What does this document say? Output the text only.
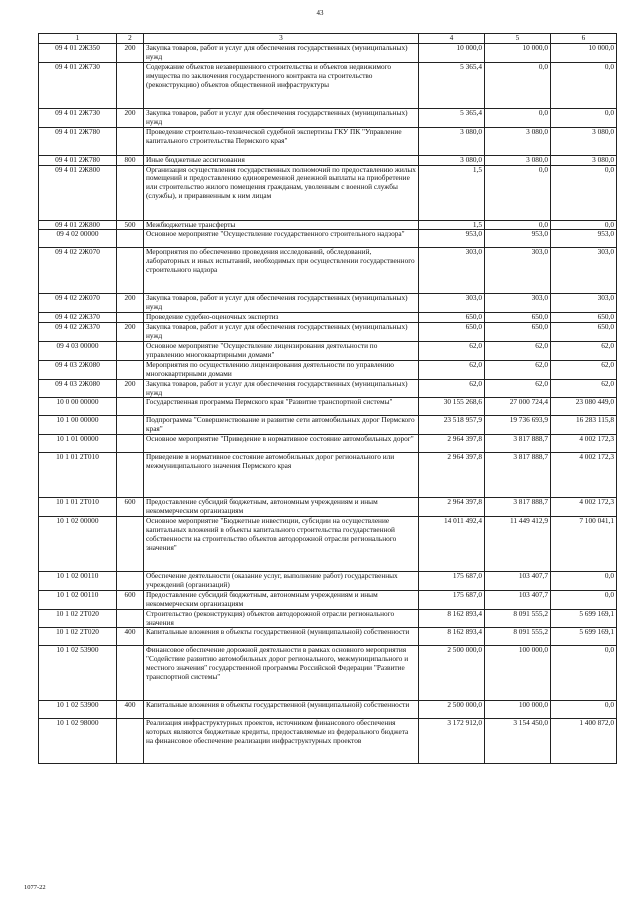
43
1	2	3	4	5	6
09 4 01 2Ж350	200	Закупка товаров, работ и услуг для обеспечения государственных (муниципальных) нужд	10 000,0	10 000,0	10 000,0
09 4 01 2Ж730		Содержание объектов незавершенного строительства и объектов недвижимого имущества по заключения государственного контракта на строительство (реконструкцию) объектов общественной инфраструктуры	5 365,4	0,0	0,0
09 4 01 2Ж730	200	Закупка товаров, работ и услуг для обеспечения государственных (муниципальных) нужд	5 365,4	0,0	0,0
09 4 01 2Ж780		Проведение строительно-технической судебной экспертизы ГКУ ПК "Управление капитального строительства Пермского края"	3 080,0	3 080,0	3 080,0
09 4 01 2Ж780	800	Иные бюджетные ассигнования	3 080,0	3 080,0	3 080,0
09 4 01 2Ж800		Организация осуществления государственных полномочий по предоставлению жилых помещений и предоставлению единовременной денежной выплаты на приобретение или строительство жилого помещения гражданам, уволенным с военной службы (службы), и приравненным к ним лицам	1,5	0,0	0,0
09 4 01 2Ж800	500	Межбюджетные трансферты	1,5	0,0	0,0
09 4 02 00000		Основное мероприятие "Осуществление государственного строительного надзора"	953,0	953,0	953,0
09 4 02 2Ж070		Мероприятия по обеспечению проведения исследований, обследований, лабораторных и иных испытаний, необходимых при осуществлении государственного строительного надзора	303,0	303,0	303,0
09 4 02 2Ж070	200	Закупка товаров, работ и услуг для обеспечения государственных (муниципальных) нужд	303,0	303,0	303,0
09 4 02 2Ж370		Проведение судебно-оценочных экспертиз	650,0	650,0	650,0
09 4 02 2Ж370	200	Закупка товаров, работ и услуг для обеспечения государственных (муниципальных) нужд	650,0	650,0	650,0
09 4 03 00000		Основное мероприятие "Осуществление лицензирования деятельности по управлению многоквартирными домами"	62,0	62,0	62,0
09 4 03 2Ж080		Мероприятия по осуществлению лицензирования деятельности по управлению многоквартирными домами	62,0	62,0	62,0
09 4 03 2Ж080	200	Закупка товаров, работ и услуг для обеспечения государственных (муниципальных) нужд	62,0	62,0	62,0
10 0 00 00000		Государственная программа Пермского края "Развитие транспортной системы"	30 155 268,6	27 000 724,4	23 080 449,0
10 1 00 00000		Подпрограмма "Совершенствование и развитие сети автомобильных дорог Пермского края"	23 518 957,9	19 736 693,9	16 283 115,8
10 1 01 00000		Основное мероприятие "Приведение в нормативное состояние автомобильных дорог"	2 964 397,8	3 817 888,7	4 002 172,3
10 1 01 2Т010		Приведение в нормативное состояние автомобильных дорог регионального или межмуниципального значения Пермского края	2 964 397,8	3 817 888,7	4 002 172,3
10 1 01 2Т010	600	Предоставление субсидий бюджетным, автономным учреждениям и иным некоммерческим организациям	2 964 397,8	3 817 888,7	4 002 172,3
10 1 02 00000		Основное мероприятие "Бюджетные инвестиции, субсидии на осуществление капитальных вложений в объекты капитального строительства государственной собственности на строительство объектов автодорожной отрасли регионального значения"	14 011 492,4	11 449 412,9	7 100 041,1
10 1 02 00110		Обеспечение деятельности (оказание услуг, выполнение работ) государственных учреждений (организаций)	175 687,0	103 407,7	0,0
10 1 02 00110	600	Предоставление субсидий бюджетным, автономным учреждениям и иным некоммерческим организациям	175 687,0	103 407,7	0,0
10 1 02 2Т020		Строительство (реконструкция) объектов автодорожной отрасли регионального значения	8 162 893,4	8 091 555,2	5 699 169,1
10 1 02 2Т020	400	Капитальные вложения в объекты государственной (муниципальной) собственности	8 162 893,4	8 091 555,2	5 699 169,1
10 1 02 53900		Финансовое обеспечение дорожной деятельности в рамках основного мероприятия "Содействие развитию автомобильных дорог регионального, межмуниципального и местного значения" государственной программы Российской Федерации "Развитие транспортной системы"	2 500 000,0	100 000,0	0,0
10 1 02 53900	400	Капитальные вложения в объекты государственной (муниципальной) собственности	2 500 000,0	100 000,0	0,0
10 1 02 98000		Реализация инфраструктурных проектов, источником финансового обеспечения которых являются бюджетные кредиты, предоставляемые из федерального бюджета на финансовое обеспечение реализации инфраструктурных проектов	3 172 912,0	3 154 450,0	1 400 872,0
1077-22
